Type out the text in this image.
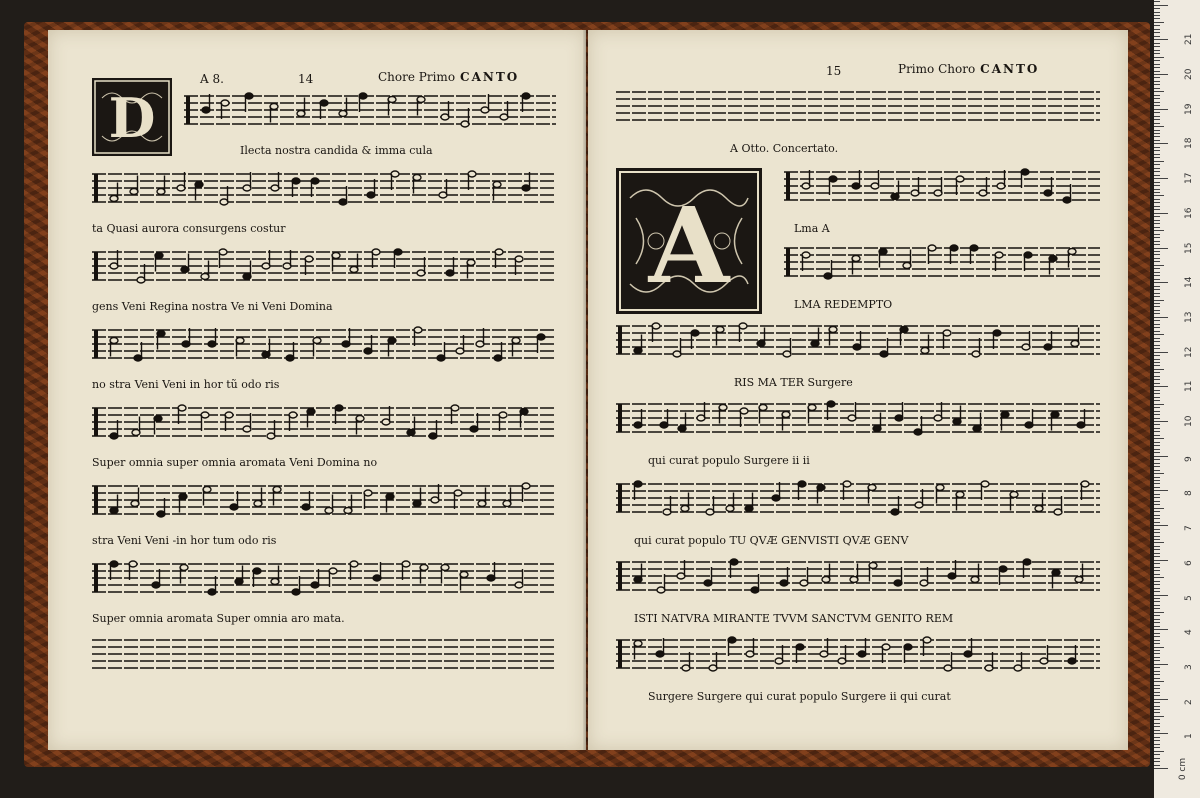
A 8.	14	Chore Primo CANTO
D
Ilecta nostra candida & imma cula
ta Quasi aurora consurgens costur
gens Veni Regina nostra Ve ni Veni Domina
no stra Veni Veni in hor tũ odo ris
Super omnia super omnia aromata Veni Domina no
stra Veni Veni -in hor tum odo ris
Super omnia aromata Super omnia aro mata.
15	Primo Choro CANTO
A Otto. Concertato.
A	Lma A
LMA REDEMPTO
RIS MA TER Surgere
qui curat populo Surgere ii ii
qui curat populo TU QVÆ GENVISTI QVÆ GENV
ISTI NATVRA MIRANTE TVVM SANCTVM GENITO REM
Surgere Surgere qui curat populo Surgere ii qui curat
0 cm
1
2
3
4
5
6
7
8
9
10
11
12
13
14
15
16
17
18
19
20
21
